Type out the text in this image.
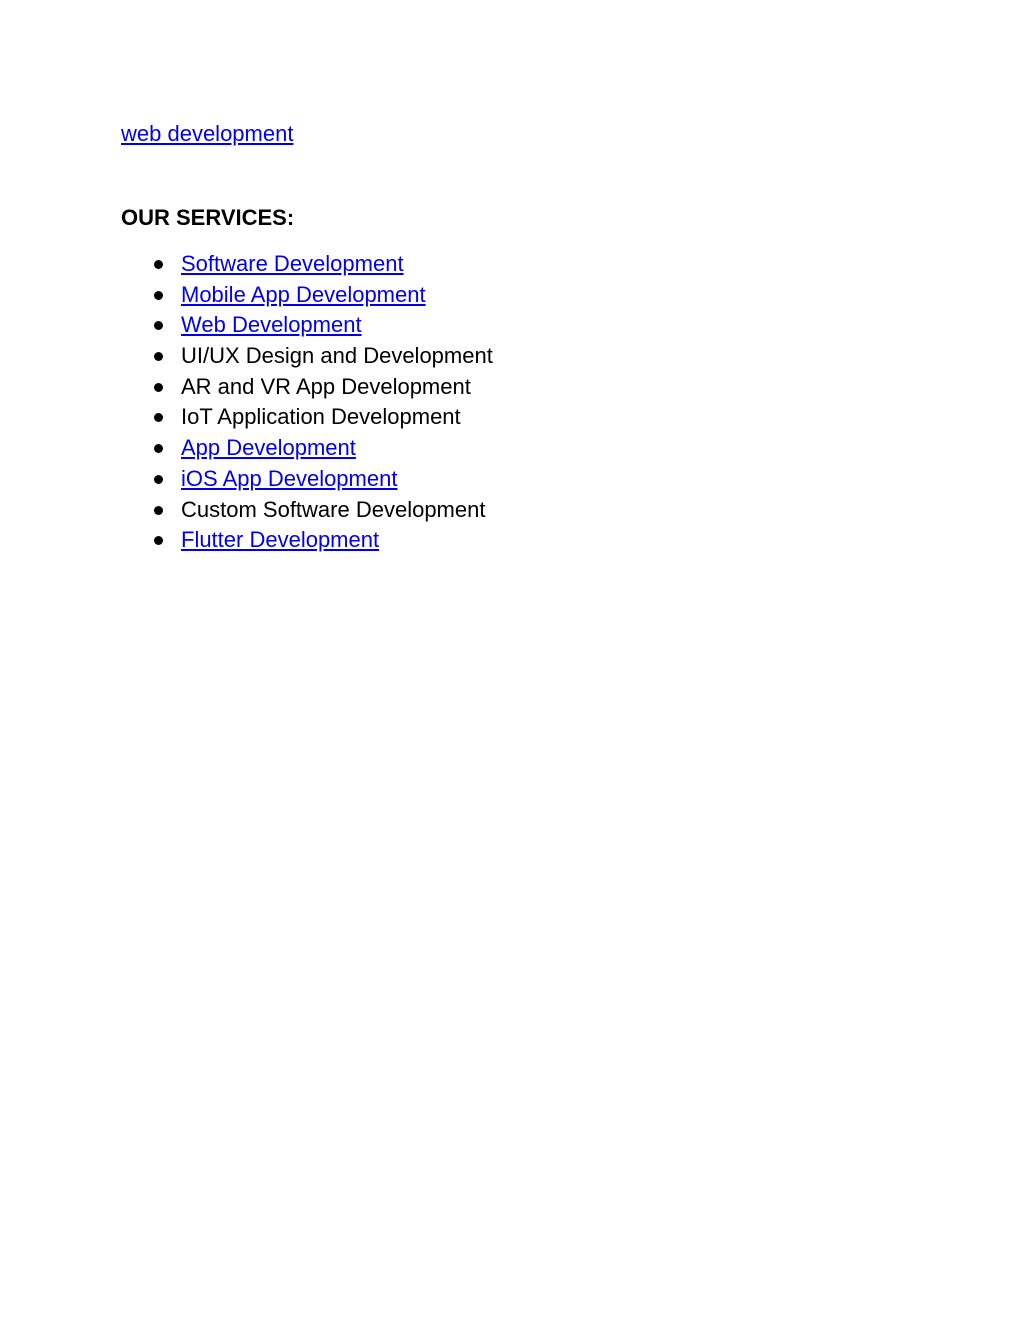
web development
OUR SERVICES:
Software Development
Mobile App Development
Web Development
UI/UX Design and Development
AR and VR App Development
IoT Application Development
App Development
iOS App Development
Custom Software Development
Flutter Development
